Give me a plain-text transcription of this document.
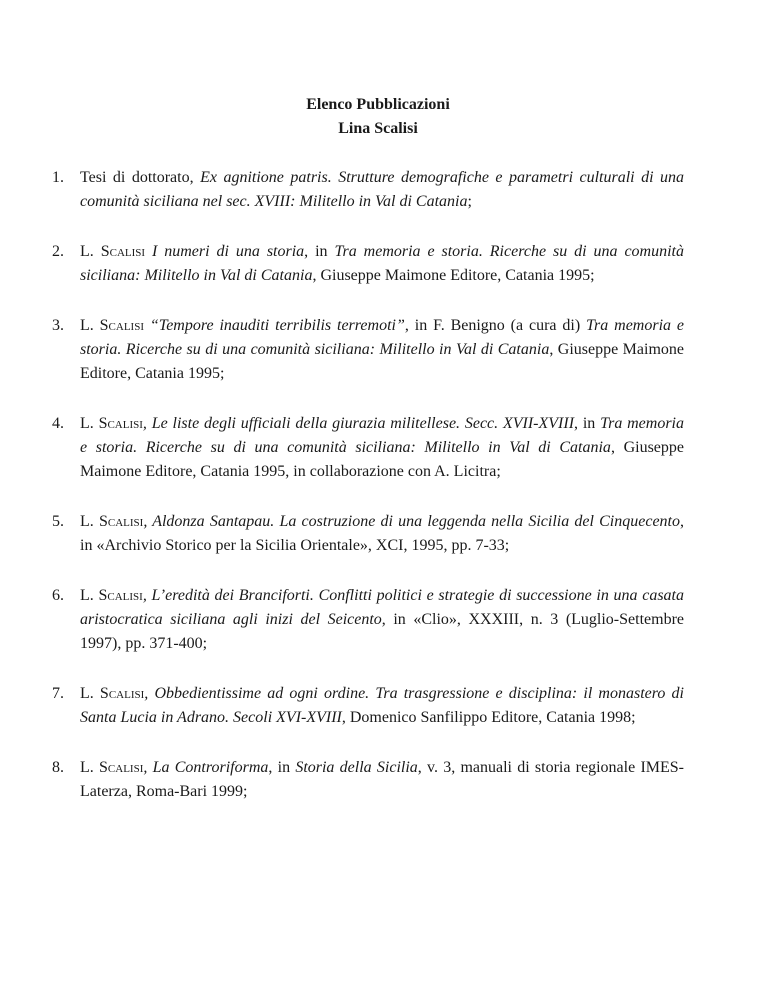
Elenco Pubblicazioni
Lina Scalisi
1. Tesi di dottorato, Ex agnitione patris. Strutture demografiche e parametri culturali di una comunità siciliana nel sec. XVIII: Militello in Val di Catania;
2. L. Scalisi I numeri di una storia, in Tra memoria e storia. Ricerche su di una comunità siciliana: Militello in Val di Catania, Giuseppe Maimone Editore, Catania 1995;
3. L. Scalisi “Tempore inauditi terribilis terremoti”, in F. Benigno (a cura di) Tra memoria e storia. Ricerche su di una comunità siciliana: Militello in Val di Catania, Giuseppe Maimone Editore, Catania 1995;
4. L. Scalisi, Le liste degli ufficiali della giurazia militellese. Secc. XVII-XVIII, in Tra memoria e storia. Ricerche su di una comunità siciliana: Militello in Val di Catania, Giuseppe Maimone Editore, Catania 1995, in collaborazione con A. Licitra;
5. L. Scalisi, Aldonza Santapau. La costruzione di una leggenda nella Sicilia del Cinquecento, in «Archivio Storico per la Sicilia Orientale», XCI, 1995, pp. 7-33;
6. L. Scalisi, L’eredità dei Branciforti. Conflitti politici e strategie di successione in una casata aristocratica siciliana agli inizi del Seicento, in «Clio», XXXIII, n. 3 (Luglio-Settembre 1997), pp. 371-400;
7. L. Scalisi, Obbedientissime ad ogni ordine. Tra trasgressione e disciplina: il monastero di Santa Lucia in Adrano. Secoli XVI-XVIII, Domenico Sanfilippo Editore, Catania 1998;
8. L. Scalisi, La Controriforma, in Storia della Sicilia, v. 3, manuali di storia regionale IMES-Laterza, Roma-Bari 1999;
